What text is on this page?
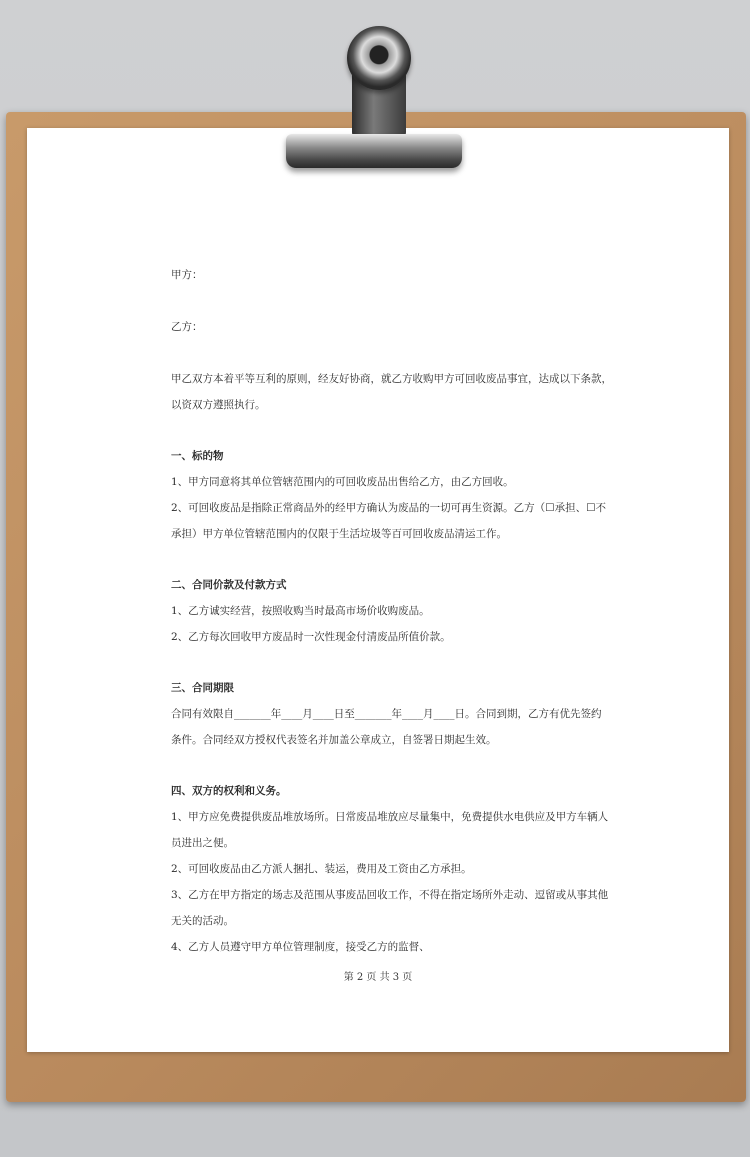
甲方：
乙方：
甲乙双方本着平等互利的原则，经友好协商，就乙方收购甲方可回收废品事宜，达成以下条款，
以资双方遵照执行。
一、标的物
1、甲方同意将其单位管辖范围内的可回收废品出售给乙方，由乙方回收。
2、可回收废品是指除正常商品外的经甲方确认为废品的一切可再生资源。乙方（☐承担、☐不
承担）甲方单位管辖范围内的仅限于生活垃圾等百可回收废品清运工作。
二、合同价款及付款方式
1、乙方诚实经营，按照收购当时最高市场价收购废品。
2、乙方每次回收甲方废品时一次性现金付清废品所值价款。
三、合同期限
合同有效限自_______年____月____日至_______年____月____日。合同到期，乙方有优先签约
条件。合同经双方授权代表签名并加盖公章成立，自签署日期起生效。
四、双方的权利和义务。
1、甲方应免费提供废品堆放场所。日常废品堆放应尽量集中，免费提供水电供应及甲方车辆人
员进出之便。
2、可回收废品由乙方派人捆扎、装运，费用及工资由乙方承担。
3、乙方在甲方指定的场志及范围从事废品回收工作，不得在指定场所外走动、逗留或从事其他
无关的活动。
4、乙方人员遵守甲方单位管理制度，接受乙方的监督、
第 2 页 共 3 页
